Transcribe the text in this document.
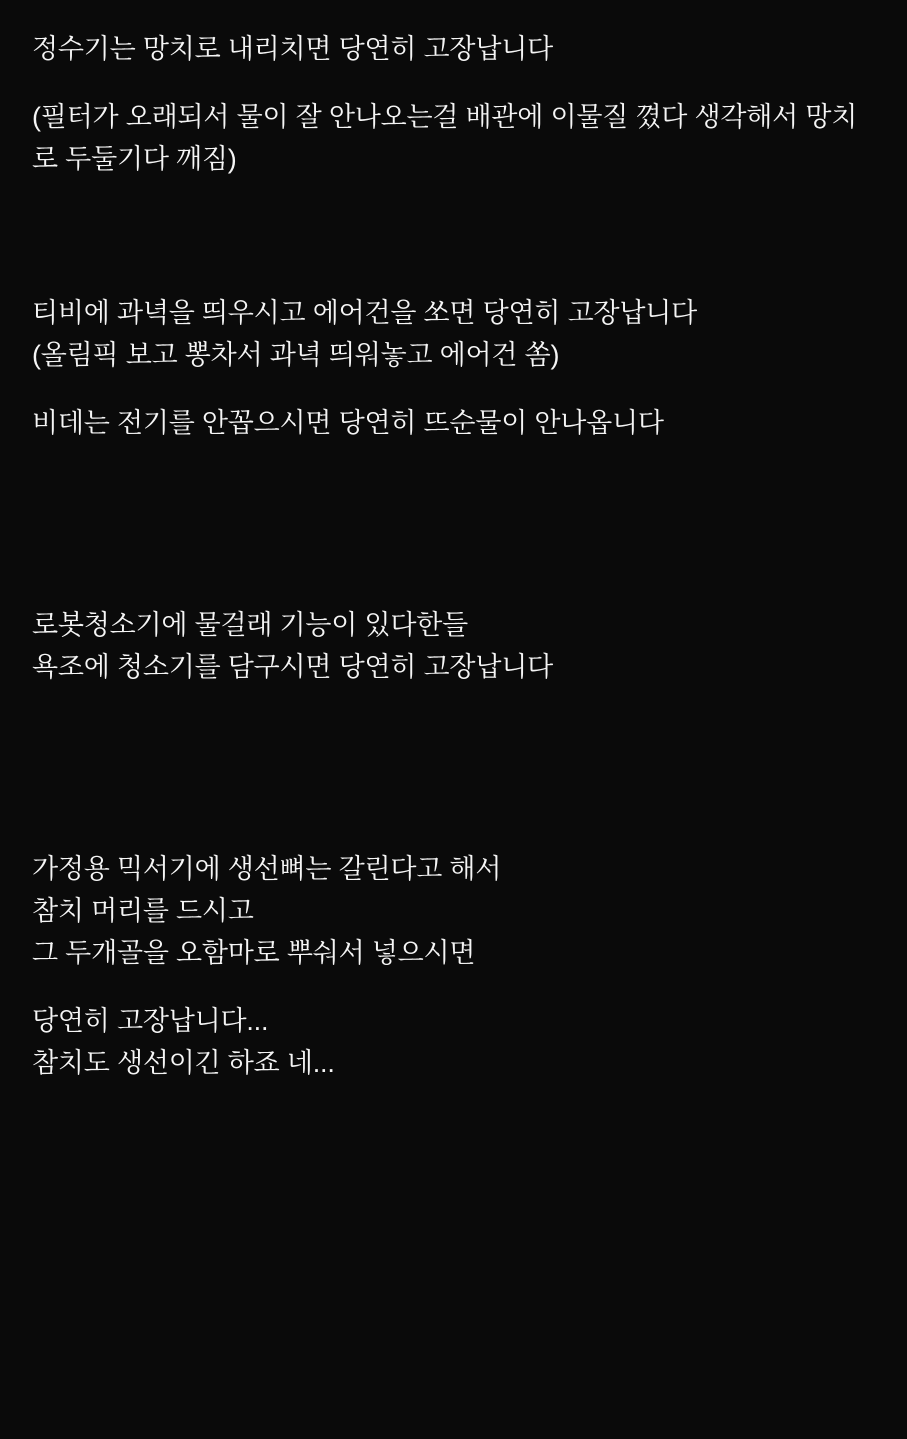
정수기는 망치로 내리치면 당연히 고장납니다
(필터가 오래되서 물이 잘 안나오는걸 배관에 이물질 꼈다 생각해서 망치로 두둘기다 깨짐)
티비에 과녁을 띄우시고 에어건을 쏘면 당연히 고장납니다
(올림픽 보고 뽕차서 과녁 띄워놓고 에어건 쏨)
비데는 전기를 안꼽으시면 당연히 뜨순물이 안나옵니다
로봇청소기에 물걸래 기능이 있다한들
욕조에 청소기를 담구시면 당연히 고장납니다
가정용 믹서기에 생선뼈는 갈린다고 해서
참치 머리를 드시고
그 두개골을 오함마로 뿌숴서 넣으시면
당연히 고장납니다...
참치도 생선이긴 하죠 네...
